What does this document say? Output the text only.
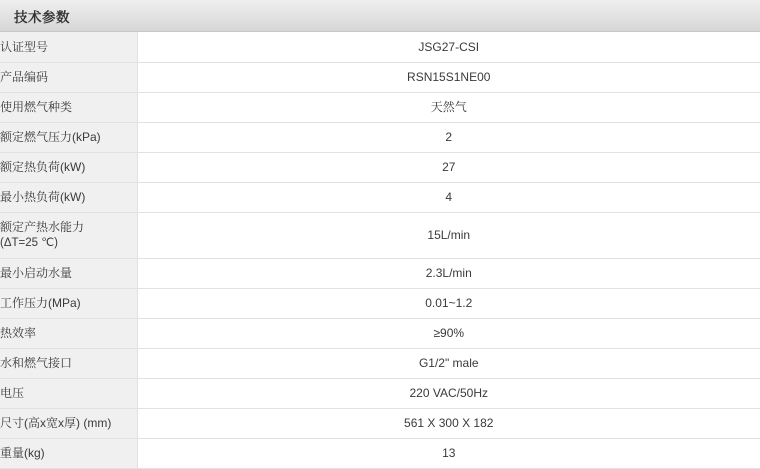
技术参数
认证型号	JSG27-CSI
产品编码	RSN15S1NE00
使用燃气种类	天然气
额定燃气压力(kPa)	2
额定热负荷(kW)	27
最小热负荷(kW)	4
额定产热水能力
(ΔT=25 ℃)	15L/min
最小启动水量	2.3L/min
工作压力(MPa)	0.01~1.2
热效率	≥90%
水和燃气接口	G1/2" male
电压	220 VAC/50Hz
尺寸(高x宽x厚) (mm)	561 X 300 X 182
重量(kg)	13
